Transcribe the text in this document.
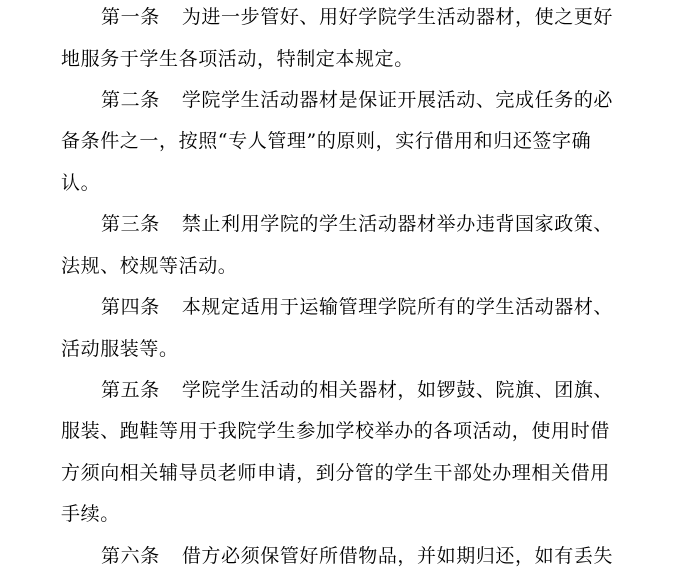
第一条 为进一步管好、用好学院学生活动器材，使之更好
地服务于学生各项活动，特制定本规定。
第二条 学院学生活动器材是保证开展活动、完成任务的必
备条件之一，按照“专人管理”的原则，实行借用和归还签字确
认。
第三条 禁止利用学院的学生活动器材举办违背国家政策、
法规、校规等活动。
第四条 本规定适用于运输管理学院所有的学生活动器材、
活动服装等。
第五条 学院学生活动的相关器材，如锣鼓、院旗、团旗、
服装、跑鞋等用于我院学生参加学校举办的各项活动，使用时借
方须向相关辅导员老师申请，到分管的学生干部处办理相关借用
手续。
第六条 借方必须保管好所借物品，并如期归还，如有丢失
